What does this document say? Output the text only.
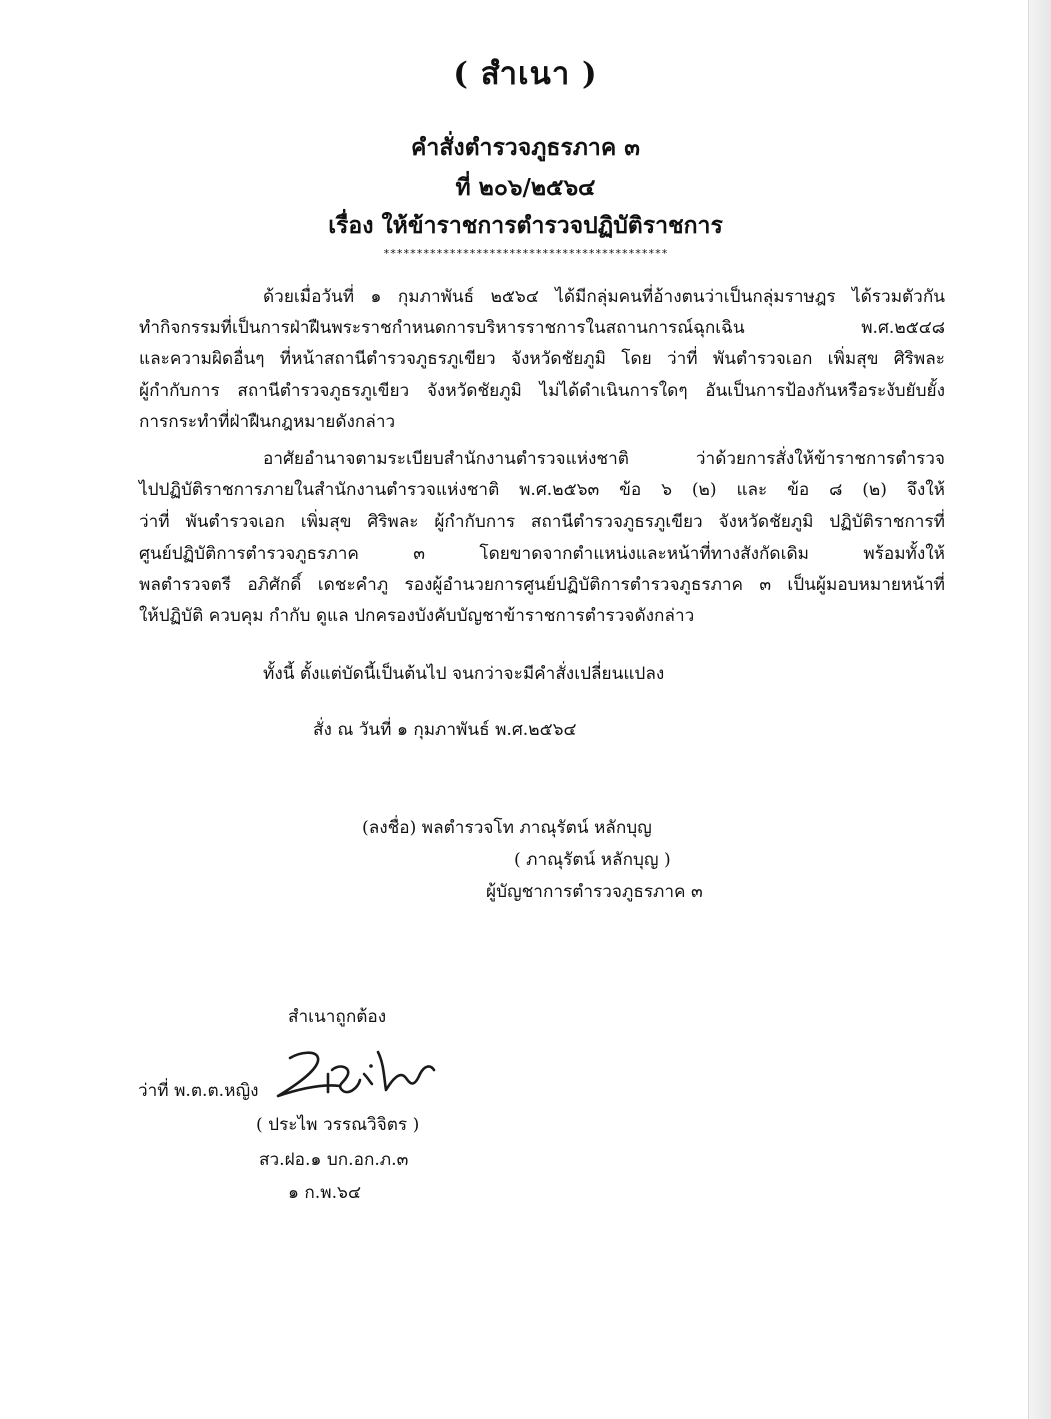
( สำเนา )
คำสั่งตำรวจภูธรภาค ๓
ที่ ๒๐๖/๒๕๖๔
เรื่อง ให้ข้าราชการตำรวจปฏิบัติราชการ
*******************************************
ด้วยเมื่อวันที่ ๑ กุมภาพันธ์ ๒๕๖๔ ได้มีกลุ่มคนที่อ้างตนว่าเป็นกลุ่มราษฎร ได้รวมตัวกัน
ทำกิจกรรมที่เป็นการฝ่าฝืนพระราชกำหนดการบริหารราชการในสถานการณ์ฉุกเฉิน พ.ศ.๒๕๔๘
และความผิดอื่นๆ ที่หน้าสถานีตำรวจภูธรภูเขียว จังหวัดชัยภูมิ โดย ว่าที่ พันตำรวจเอก เพิ่มสุข ศิริพละ
ผู้กำกับการ สถานีตำรวจภูธรภูเขียว จังหวัดชัยภูมิ ไม่ได้ดำเนินการใดๆ อันเป็นการป้องกันหรือระงับยับยั้ง
การกระทำที่ฝ่าฝืนกฎหมายดังกล่าว
อาศัยอำนาจตามระเบียบสำนักงานตำรวจแห่งชาติ ว่าด้วยการสั่งให้ข้าราชการตำรวจ
ไปปฏิบัติราชการภายในสำนักงานตำรวจแห่งชาติ พ.ศ.๒๕๖๓ ข้อ ๖ (๒) และ ข้อ ๘ (๒) จึงให้
ว่าที่ พันตำรวจเอก เพิ่มสุข ศิริพละ ผู้กำกับการ สถานีตำรวจภูธรภูเขียว จังหวัดชัยภูมิ ปฏิบัติราชการที่
ศูนย์ปฏิบัติการตำรวจภูธรภาค ๓ โดยขาดจากตำแหน่งและหน้าที่ทางสังกัดเดิม พร้อมทั้งให้
พลตำรวจตรี อภิศักดิ์ เดชะคำภู รองผู้อำนวยการศูนย์ปฏิบัติการตำรวจภูธรภาค ๓ เป็นผู้มอบหมายหน้าที่
ให้ปฏิบัติ ควบคุม กำกับ ดูแล ปกครองบังคับบัญชาข้าราชการตำรวจดังกล่าว
ทั้งนี้ ตั้งแต่บัดนี้เป็นต้นไป จนกว่าจะมีคำสั่งเปลี่ยนแปลง
สั่ง ณ วันที่ ๑ กุมภาพันธ์ พ.ศ.๒๕๖๔
(ลงชื่อ) พลตำรวจโท ภาณุรัตน์ หลักบุญ
( ภาณุรัตน์ หลักบุญ )
ผู้บัญชาการตำรวจภูธรภาค ๓
สำเนาถูกต้อง
ว่าที่ พ.ต.ต.หญิง
( ประไพ วรรณวิจิตร )
สว.ฝอ.๑ บก.อก.ภ.๓
๑ ก.พ.๖๔
